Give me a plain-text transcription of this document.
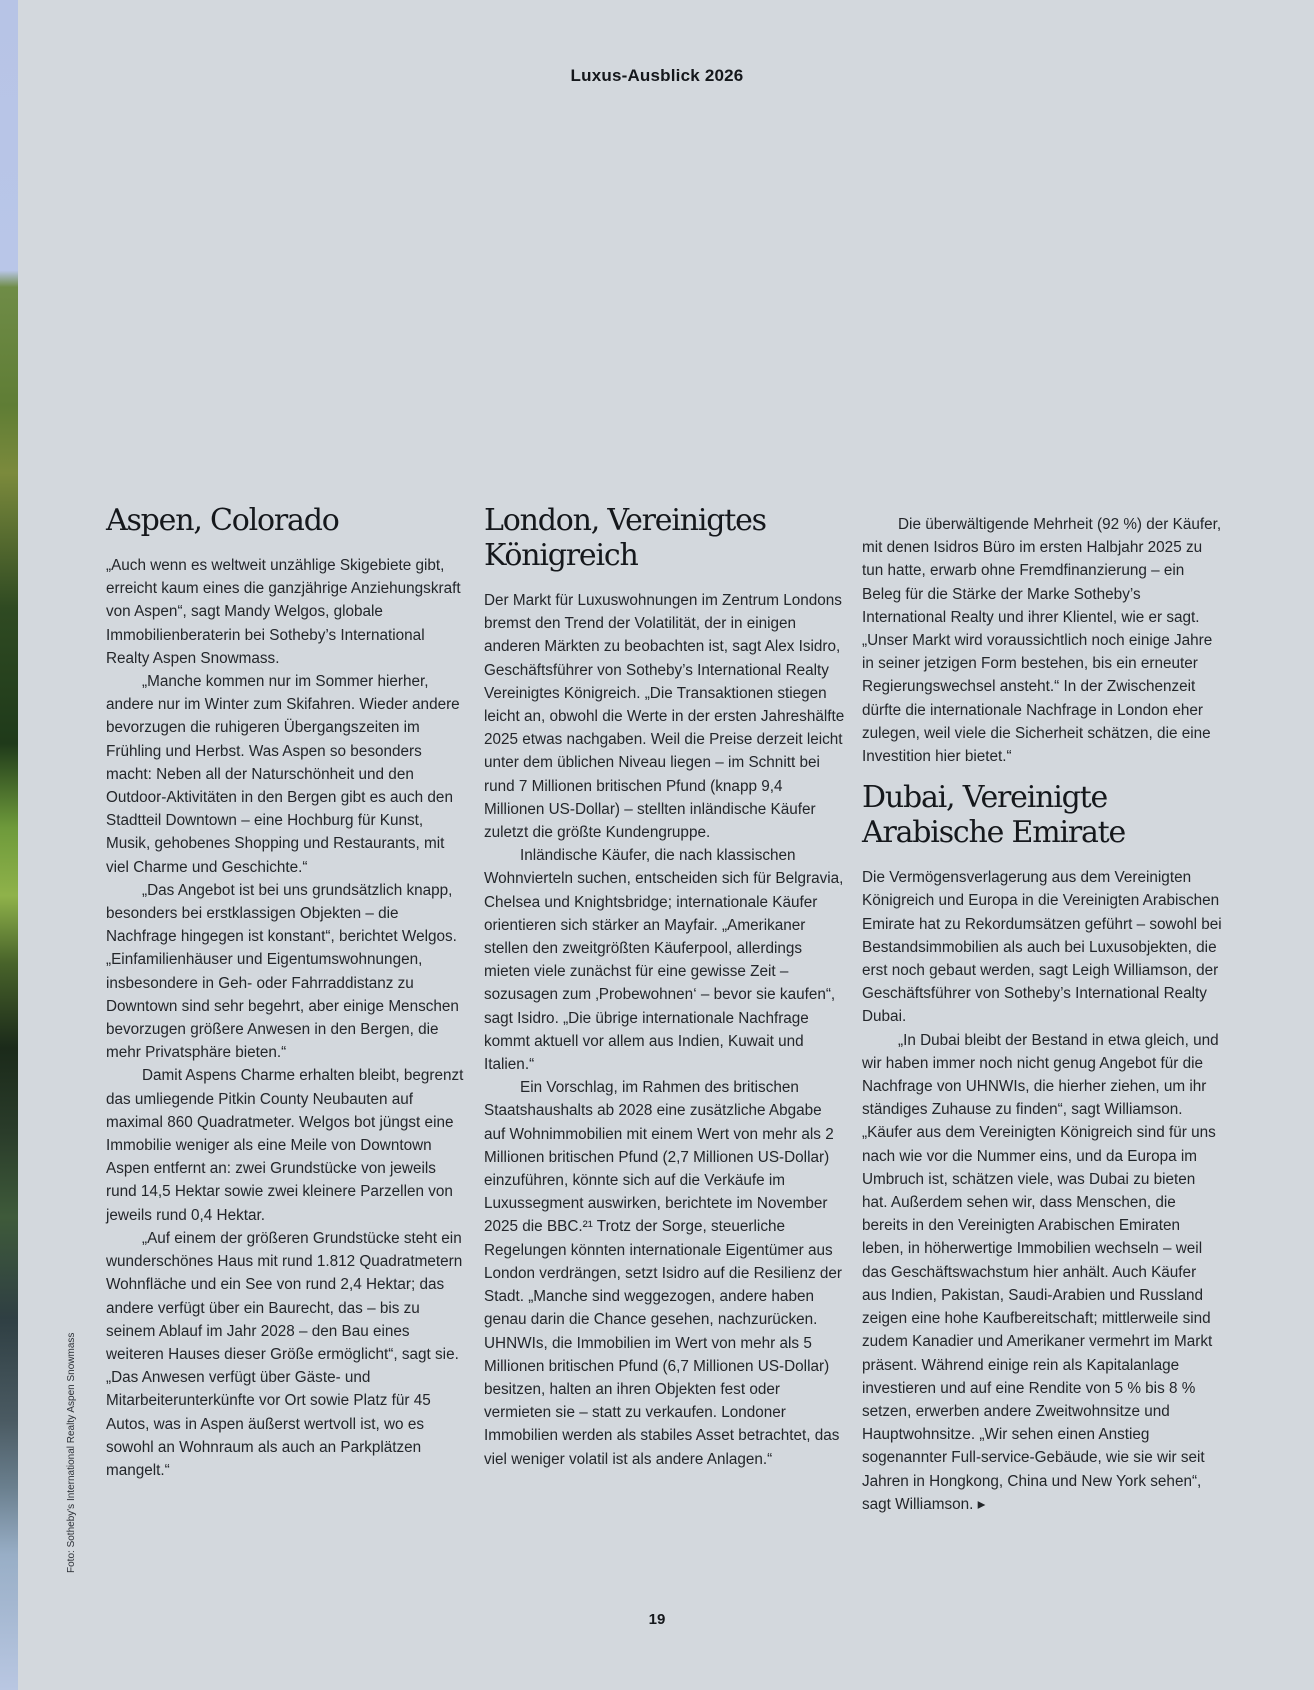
Luxus-Ausblick 2026
Foto: Sotheby's International Realty Aspen Snowmass
Aspen, Colorado

„Auch wenn es weltweit unzählige Skigebiete gibt, erreicht kaum eines die ganzjährige Anziehungskraft von Aspen“, sagt Mandy Welgos, globale Immobilienberaterin bei Sotheby’s International Realty Aspen Snowmass.

„Manche kommen nur im Sommer hierher, andere nur im Winter zum Skifahren. Wieder andere bevorzugen die ruhigeren Übergangszeiten im Frühling und Herbst. Was Aspen so besonders macht: Neben all der Naturschönheit und den Outdoor-Aktivitäten in den Bergen gibt es auch den Stadtteil Downtown – eine Hochburg für Kunst, Musik, gehobenes Shopping und Restaurants, mit viel Charme und Geschichte.“

„Das Angebot ist bei uns grundsätzlich knapp, besonders bei erstklassigen Objekten – die Nachfrage hingegen ist konstant“, berichtet Welgos. „Einfamilienhäuser und Eigentumswohnungen, insbesondere in Geh- oder Fahrraddistanz zu Downtown sind sehr begehrt, aber einige Menschen bevorzugen größere Anwesen in den Bergen, die mehr Privatsphäre bieten.“

Damit Aspens Charme erhalten bleibt, begrenzt das umliegende Pitkin County Neubauten auf maximal 860 Quadratmeter. Welgos bot jüngst eine Immobilie weniger als eine Meile von Downtown Aspen entfernt an: zwei Grundstücke von jeweils rund 14,5 Hektar sowie zwei kleinere Parzellen von jeweils rund 0,4 Hektar.

„Auf einem der größeren Grundstücke steht ein wunderschönes Haus mit rund 1.812 Quadratmetern Wohnfläche und ein See von rund 2,4 Hektar; das andere verfügt über ein Baurecht, das – bis zu seinem Ablauf im Jahr 2028 – den Bau eines weiteren Hauses dieser Größe ermöglicht“, sagt sie. „Das Anwesen verfügt über Gäste- und Mitarbeiterunterkünfte vor Ort sowie Platz für 45 Autos, was in Aspen äußerst wertvoll ist, wo es sowohl an Wohnraum als auch an Parkplätzen mangelt.“

London, Vereinigtes Königreich

Der Markt für Luxuswohnungen im Zentrum Londons bremst den Trend der Volatilität, der in einigen anderen Märkten zu beobachten ist, sagt Alex Isidro, Geschäftsführer von Sotheby’s International Realty Vereinigtes Königreich. „Die Transaktionen stiegen leicht an, obwohl die Werte in der ersten Jahreshälfte 2025 etwas nachgaben. Weil die Preise derzeit leicht unter dem üblichen Niveau liegen – im Schnitt bei rund 7 Millionen britischen Pfund (knapp 9,4 Millionen US-Dollar) – stellten inländische Käufer zuletzt die größte Kundengruppe.

Inländische Käufer, die nach klassischen Wohnvierteln suchen, entscheiden sich für Belgravia, Chelsea und Knightsbridge; internationale Käufer orientieren sich stärker an Mayfair. „Amerikaner stellen den zweitgrößten Käuferpool, allerdings mieten viele zunächst für eine gewisse Zeit – sozusagen zum ‚Probewohnen‘ – bevor sie kaufen“, sagt Isidro. „Die übrige internationale Nachfrage kommt aktuell vor allem aus Indien, Kuwait und Italien.“

Ein Vorschlag, im Rahmen des britischen Staatshaushalts ab 2028 eine zusätzliche Abgabe auf Wohnimmobilien mit einem Wert von mehr als 2 Millionen britischen Pfund (2,7 Millionen US-Dollar) einzuführen, könnte sich auf die Verkäufe im Luxussegment auswirken, berichtete im November 2025 die BBC.²¹ Trotz der Sorge, steuerliche Regelungen könnten internationale Eigentümer aus London verdrängen, setzt Isidro auf die Resilienz der Stadt. „Manche sind weggezogen, andere haben genau darin die Chance gesehen, nachzurücken. UHNWIs, die Immobilien im Wert von mehr als 5 Millionen britischen Pfund (6,7 Millionen US-Dollar) besitzen, halten an ihren Objekten fest oder vermieten sie – statt zu verkaufen. Londoner Immobilien werden als stabiles Asset betrachtet, das viel weniger volatil ist als andere Anlagen.“

Die überwältigende Mehrheit (92 %) der Käufer, mit denen Isidros Büro im ersten Halbjahr 2025 zu tun hatte, erwarb ohne Fremdfinanzierung – ein Beleg für die Stärke der Marke Sotheby’s International Realty und ihrer Klientel, wie er sagt. „Unser Markt wird voraussichtlich noch einige Jahre in seiner jetzigen Form bestehen, bis ein erneuter Regierungswechsel ansteht.“ In der Zwischenzeit dürfte die internationale Nachfrage in London eher zulegen, weil viele die Sicherheit schätzen, die eine Investition hier bietet.“

Dubai, Vereinigte Arabische Emirate

Die Vermögensverlagerung aus dem Vereinigten Königreich und Europa in die Vereinigten Arabischen Emirate hat zu Rekordumsätzen geführt – sowohl bei Bestandsimmobilien als auch bei Luxusobjekten, die erst noch gebaut werden, sagt Leigh Williamson, der Geschäftsführer von Sotheby’s International Realty Dubai.

„In Dubai bleibt der Bestand in etwa gleich, und wir haben immer noch nicht genug Angebot für die Nachfrage von UHNWIs, die hierher ziehen, um ihr ständiges Zuhause zu finden“, sagt Williamson. „Käufer aus dem Vereinigten Königreich sind für uns nach wie vor die Nummer eins, und da Europa im Umbruch ist, schätzen viele, was Dubai zu bieten hat. Außerdem sehen wir, dass Menschen, die bereits in den Vereinigten Arabischen Emiraten leben, in höherwertige Immobilien wechseln – weil das Geschäftswachstum hier anhält. Auch Käufer aus Indien, Pakistan, Saudi-Arabien und Russland zeigen eine hohe Kaufbereitschaft; mittlerweile sind zudem Kanadier und Amerikaner vermehrt im Markt präsent. Während einige rein als Kapitalanlage investieren und auf eine Rendite von 5 % bis 8 % setzen, erwerben andere Zweitwohnsitze und Hauptwohnsitze. „Wir sehen einen Anstieg sogenannter Full-service-Gebäude, wie sie wir seit Jahren in Hongkong, China und New York sehen“, sagt Williamson. ▸

19
